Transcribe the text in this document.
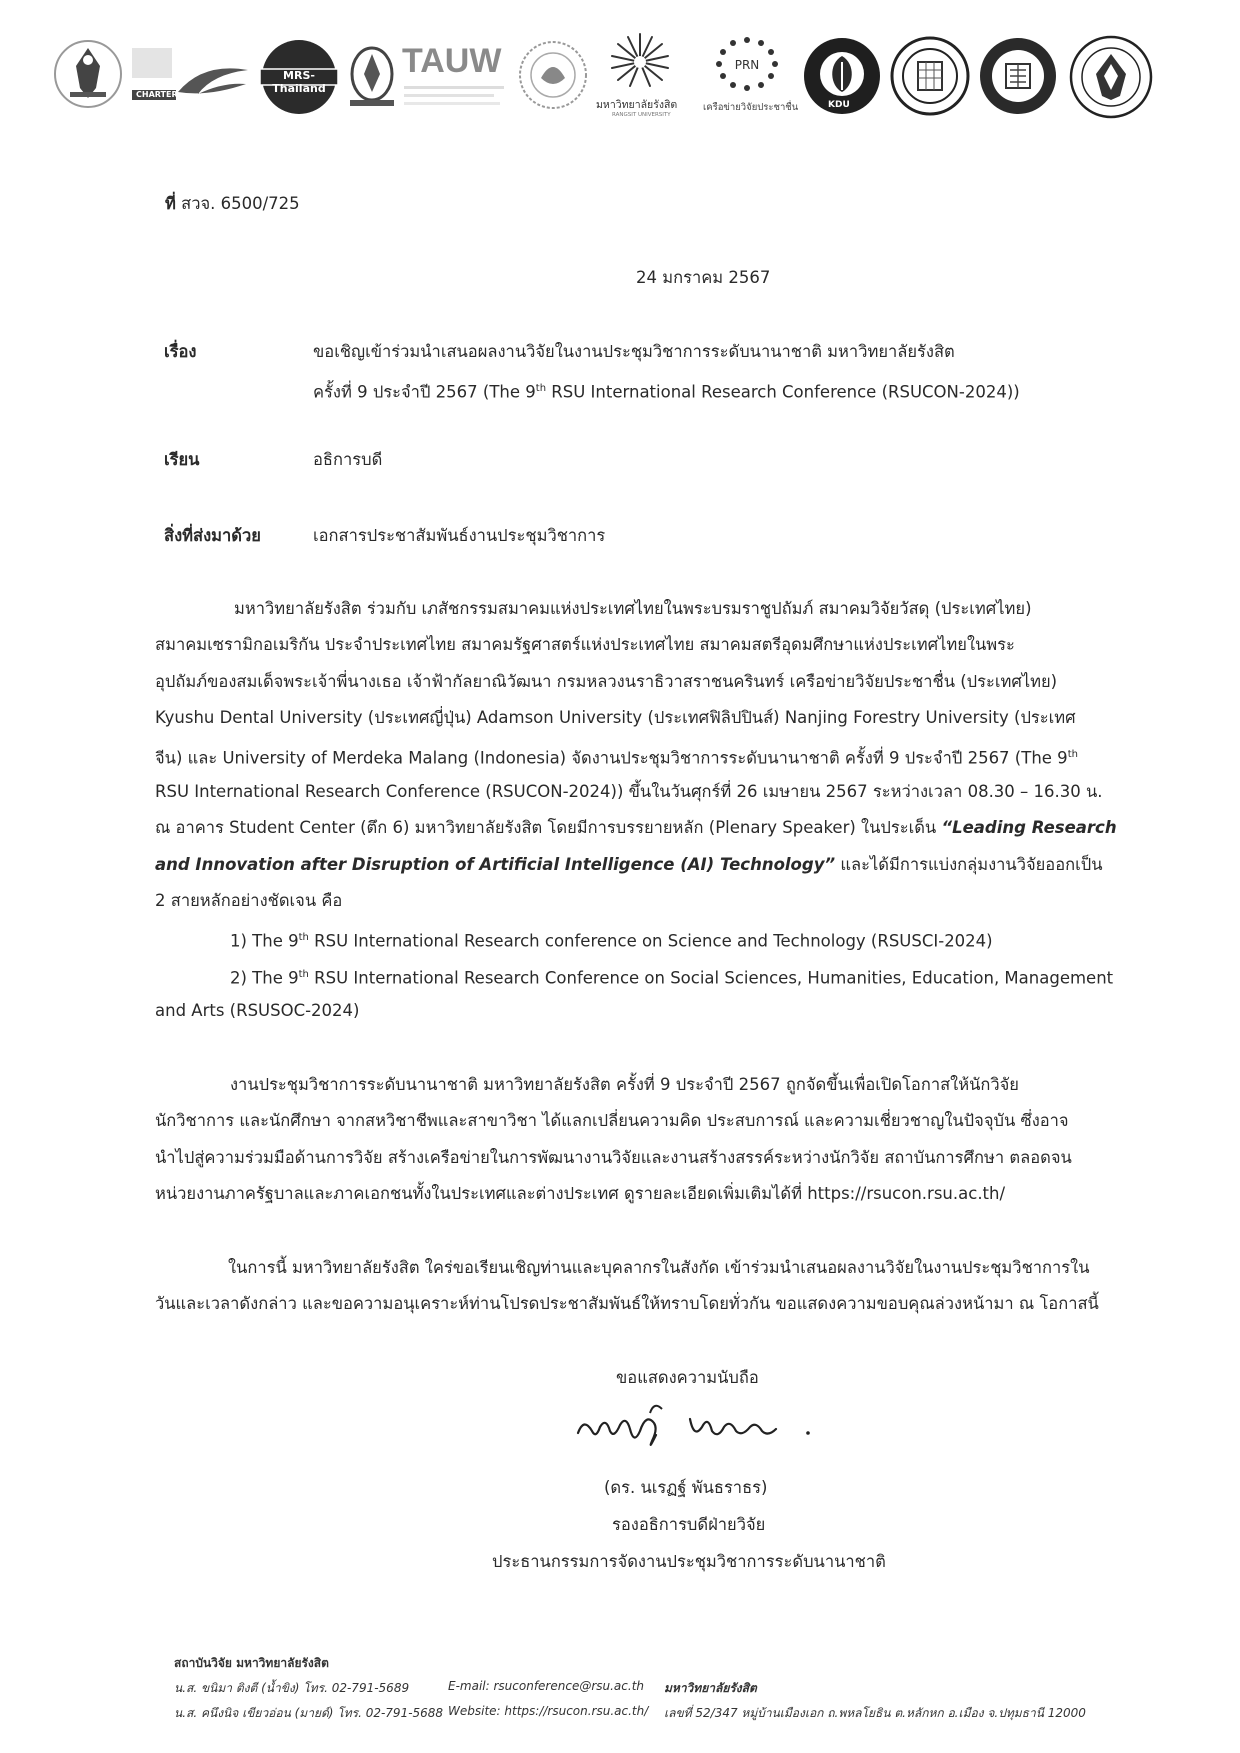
CHARTER
MRS-Thailand
TAUW
มหาวิทยาลัยรังสิต
RANGSIT UNIVERSITY
PRN
เครือข่ายวิจัยประชาชื่น	KDU
ที่ สวจ. 6500/725
24 มกราคม 2567
เรื่อง	ขอเชิญเข้าร่วมนำเสนอผลงานวิจัยในงานประชุมวิชาการระดับนานาชาติ มหาวิทยาลัยรังสิต
ครั้งที่ 9 ประจำปี 2567 (The 9th RSU International Research Conference (RSUCON-2024))
เรียน	อธิการบดี
สิ่งที่ส่งมาด้วย	เอกสารประชาสัมพันธ์งานประชุมวิชาการ
มหาวิทยาลัยรังสิต ร่วมกับ เภสัชกรรมสมาคมแห่งประเทศไทยในพระบรมราชูปถัมภ์ สมาคมวิจัยวัสดุ (ประเทศไทย)
สมาคมเซรามิกอเมริกัน ประจำประเทศไทย สมาคมรัฐศาสตร์แห่งประเทศไทย สมาคมสตรีอุดมศึกษาแห่งประเทศไทยในพระ
อุปถัมภ์ของสมเด็จพระเจ้าพี่นางเธอ เจ้าฟ้ากัลยาณิวัฒนา กรมหลวงนราธิวาสราชนครินทร์ เครือข่ายวิจัยประชาชื่น (ประเทศไทย)
Kyushu Dental University (ประเทศญี่ปุ่น) Adamson University (ประเทศฟิลิปปินส์) Nanjing Forestry University (ประเทศ
จีน) และ University of Merdeka Malang (Indonesia) จัดงานประชุมวิชาการระดับนานาชาติ ครั้งที่ 9 ประจำปี 2567 (The 9th
RSU International Research Conference (RSUCON-2024)) ขึ้นในวันศุกร์ที่ 26 เมษายน 2567 ระหว่างเวลา 08.30 – 16.30 น.
ณ อาคาร Student Center (ตึก 6) มหาวิทยาลัยรังสิต โดยมีการบรรยายหลัก (Plenary Speaker) ในประเด็น “Leading Research
and Innovation after Disruption of Artificial Intelligence (AI) Technology” และได้มีการแบ่งกลุ่มงานวิจัยออกเป็น
2 สายหลักอย่างชัดเจน คือ
1) The 9th RSU International Research conference on Science and Technology (RSUSCI-2024)
2) The 9th RSU International Research Conference on Social Sciences, Humanities, Education, Management
and Arts (RSUSOC-2024)
งานประชุมวิชาการระดับนานาชาติ มหาวิทยาลัยรังสิต ครั้งที่ 9 ประจำปี 2567 ถูกจัดขึ้นเพื่อเปิดโอกาสให้นักวิจัย
นักวิชาการ และนักศึกษา จากสหวิชาชีพและสาขาวิชา ได้แลกเปลี่ยนความคิด ประสบการณ์ และความเชี่ยวชาญในปัจจุบัน ซึ่งอาจ
นำไปสู่ความร่วมมือด้านการวิจัย สร้างเครือข่ายในการพัฒนางานวิจัยและงานสร้างสรรค์ระหว่างนักวิจัย สถาบันการศึกษา ตลอดจน
หน่วยงานภาครัฐบาลและภาคเอกชนทั้งในประเทศและต่างประเทศ ดูรายละเอียดเพิ่มเติมได้ที่ https://rsucon.rsu.ac.th/
ในการนี้ มหาวิทยาลัยรังสิต ใคร่ขอเรียนเชิญท่านและบุคลากรในสังกัด เข้าร่วมนำเสนอผลงานวิจัยในงานประชุมวิชาการใน
วันและเวลาดังกล่าว และขอความอนุเคราะห์ท่านโปรดประชาสัมพันธ์ให้ทราบโดยทั่วกัน ขอแสดงความขอบคุณล่วงหน้ามา ณ โอกาสนี้
ขอแสดงความนับถือ
(ดร. นเรฏฐ์ พันธราธร)
รองอธิการบดีฝ่ายวิจัย
ประธานกรรมการจัดงานประชุมวิชาการระดับนานาชาติ
สถาบันวิจัย มหาวิทยาลัยรังสิต
น.ส. ขนิมา ติงตี (น้ำขิง) โทร. 02-791-5689
น.ส. คนึงนิจ เขียวอ่อน (มายด์) โทร. 02-791-5688
E-mail: rsuconference@rsu.ac.th
Website: https://rsucon.rsu.ac.th/
มหาวิทยาลัยรังสิต
เลขที่ 52/347 หมู่บ้านเมืองเอก ถ.พหลโยธิน ต.หลักหก อ.เมือง จ.ปทุมธานี 12000
